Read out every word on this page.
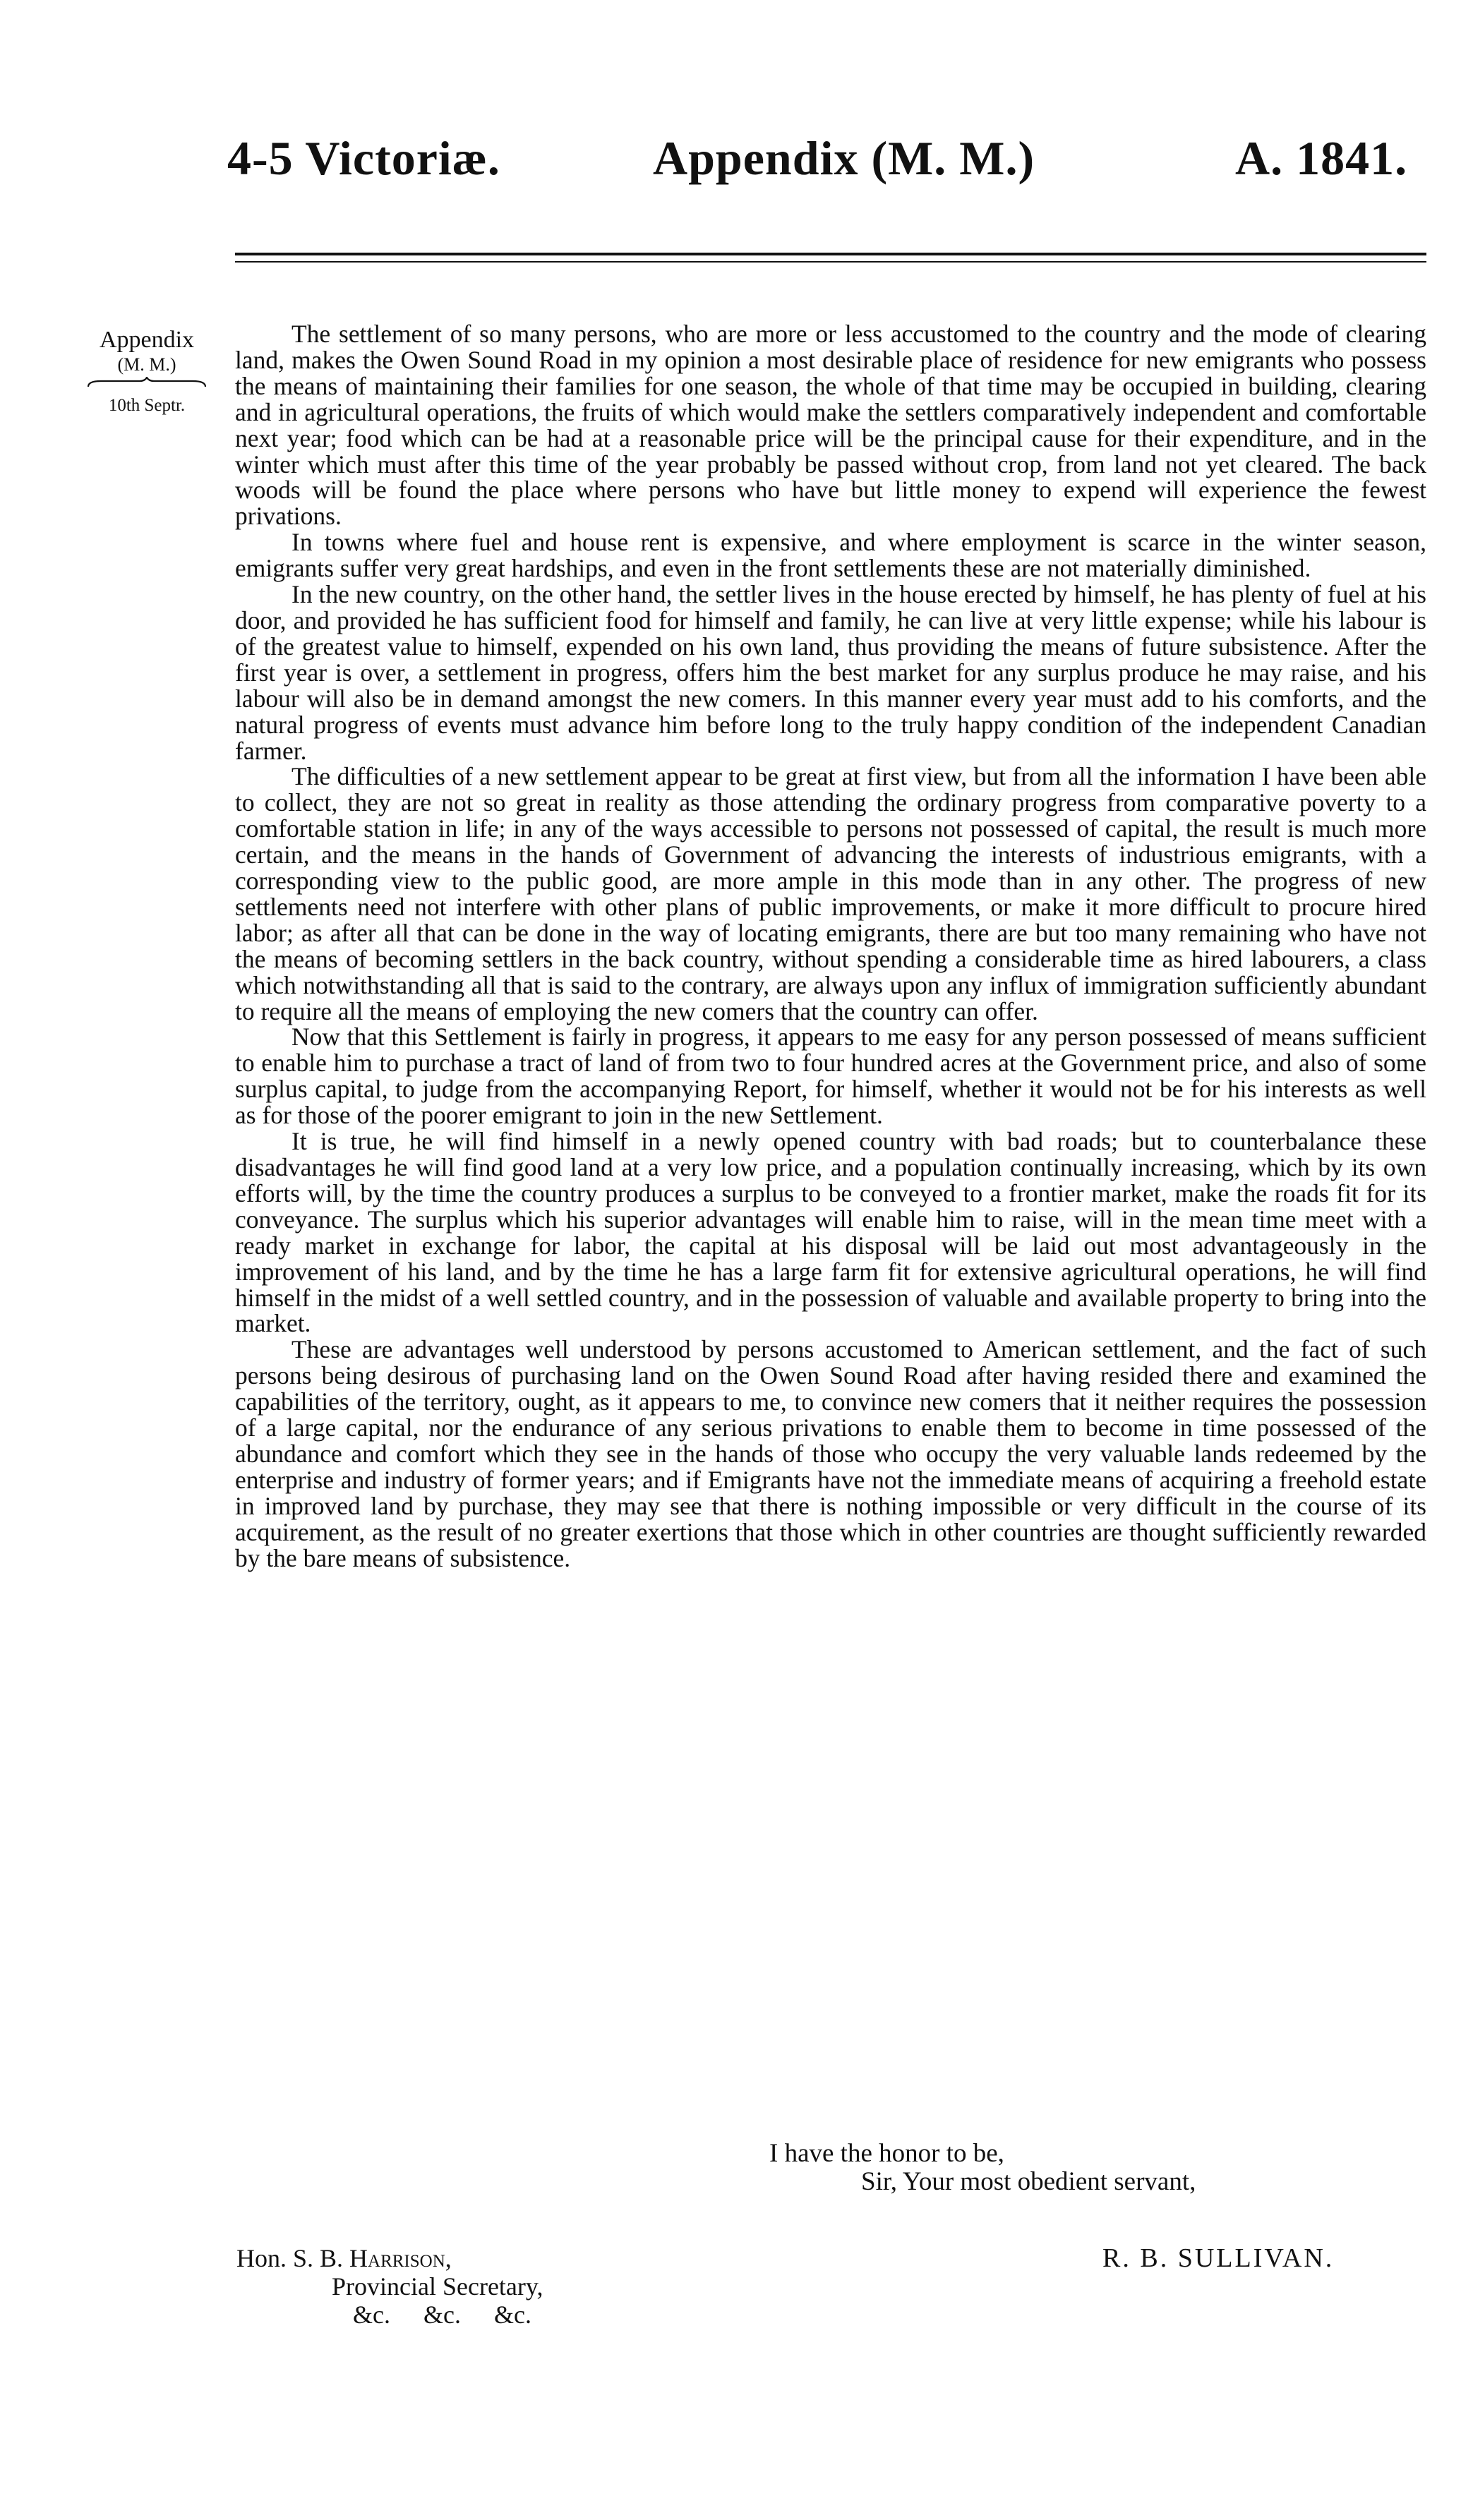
4-5 Victoriæ.	Appendix (M. M.)	A. 1841.
Appendix
(M. M.)
10th Septr.

The settlement of so many persons, who are more or less accustomed to the country and the mode of clearing land, makes the Owen Sound Road in my opinion a most desirable place of residence for new emigrants who possess the means of maintaining their families for one season, the whole of that time may be occupied in building, clearing and in agricultural operations, the fruits of which would make the settlers comparatively independent and comfortable next year; food which can be had at a reasonable price will be the principal cause for their expenditure, and in the winter which must after this time of the year probably be passed without crop, from land not yet cleared. The back woods will be found the place where persons who have but little money to expend will experience the fewest privations.

In towns where fuel and house rent is expensive, and where employment is scarce in the winter season, emigrants suffer very great hardships, and even in the front settlements these are not materially diminished.

In the new country, on the other hand, the settler lives in the house erected by himself, he has plenty of fuel at his door, and provided he has sufficient food for himself and family, he can live at very little expense; while his labour is of the greatest value to himself, expended on his own land, thus providing the means of future subsistence. After the first year is over, a settlement in progress, offers him the best market for any surplus produce he may raise, and his labour will also be in demand amongst the new comers. In this manner every year must add to his comforts, and the natural progress of events must advance him before long to the truly happy condition of the independent Canadian farmer.

The difficulties of a new settlement appear to be great at first view, but from all the information I have been able to collect, they are not so great in reality as those attending the ordinary progress from comparative poverty to a comfortable station in life; in any of the ways accessible to persons not possessed of capital, the result is much more certain, and the means in the hands of Government of advancing the interests of industrious emigrants, with a corresponding view to the public good, are more ample in this mode than in any other. The progress of new settlements need not interfere with other plans of public improvements, or make it more difficult to procure hired labor; as after all that can be done in the way of locating emigrants, there are but too many remaining who have not the means of becoming settlers in the back country, without spending a considerable time as hired labourers, a class which notwithstanding all that is said to the contrary, are always upon any influx of immigration sufficiently abundant to require all the means of employing the new comers that the country can offer.

Now that this Settlement is fairly in progress, it appears to me easy for any person possessed of means sufficient to enable him to purchase a tract of land of from two to four hundred acres at the Government price, and also of some surplus capital, to judge from the accompanying Report, for himself, whether it would not be for his interests as well as for those of the poorer emigrant to join in the new Settlement.

It is true, he will find himself in a newly opened country with bad roads; but to counterbalance these disadvantages he will find good land at a very low price, and a population continually increasing, which by its own efforts will, by the time the country produces a surplus to be conveyed to a frontier market, make the roads fit for its conveyance. The surplus which his superior advantages will enable him to raise, will in the mean time meet with a ready market in exchange for labor, the capital at his disposal will be laid out most advantageously in the improvement of his land, and by the time he has a large farm fit for extensive agricultural operations, he will find himself in the midst of a well settled country, and in the possession of valuable and available property to bring into the market.

These are advantages well understood by persons accustomed to American settlement, and the fact of such persons being desirous of purchasing land on the Owen Sound Road after having resided there and examined the capabilities of the territory, ought, as it appears to me, to convince new comers that it neither requires the possession of a large capital, nor the endurance of any serious privations to enable them to become in time possessed of the abundance and comfort which they see in the hands of those who occupy the very valuable lands redeemed by the enterprise and industry of former years; and if Emigrants have not the immediate means of acquiring a freehold estate in improved land by purchase, they may see that there is nothing impossible or very difficult in the course of its acquirement, as the result of no greater exertions that those which in other countries are thought sufficiently rewarded by the bare means of subsistence.

I have the honor to be,
Sir, Your most obedient servant,
Hon. S. B. Harrison,
Provincial Secretary,
&c. &c. &c.
R. B. SULLIVAN.
